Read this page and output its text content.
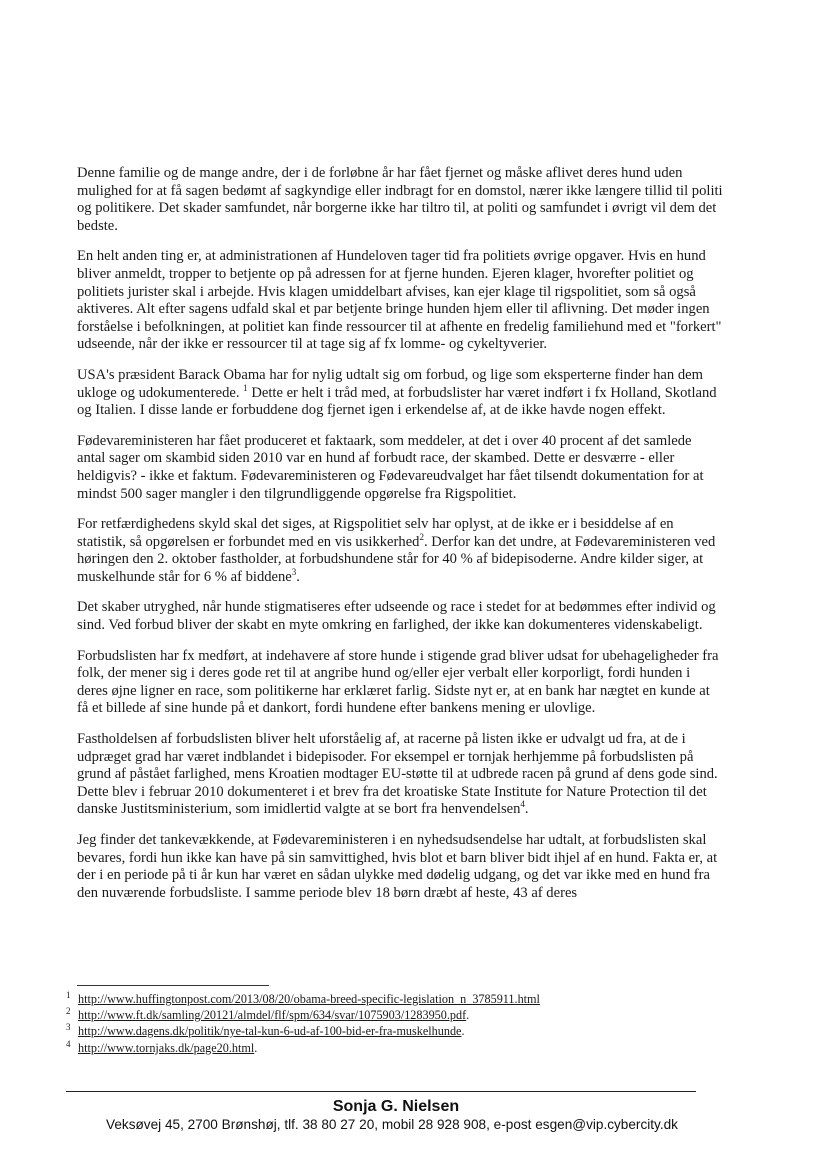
Denne familie og de mange andre, der i de forløbne år har fået fjernet og måske aflivet deres hund uden mulighed for at få sagen bedømt af sagkyndige eller indbragt for en domstol, nærer ikke længere tillid til politi og politikere. Det skader samfundet, når borgerne ikke har tiltro til, at politi og samfundet i øvrigt vil dem det bedste.

En helt anden ting er, at administrationen af Hundeloven tager tid fra politiets øvrige opgaver. Hvis en hund bliver anmeldt, tropper to betjente op på adressen for at fjerne hunden. Ejeren klager, hvorefter politiet og politiets jurister skal i arbejde. Hvis klagen umiddelbart afvises, kan ejer klage til rigspolitiet, som så også aktiveres. Alt efter sagens udfald skal et par betjente bringe hunden hjem eller til aflivning. Det møder ingen forståelse i befolkningen, at politiet kan finde ressourcer til at afhente en fredelig familiehund med et "forkert" udseende, når der ikke er ressourcer til at tage sig af fx lomme- og cykeltyverier.

USA's præsident Barack Obama har for nylig udtalt sig om forbud, og lige som eksperterne finder han dem ukloge og udokumenterede. $^1$ Dette er helt i tråd med, at forbudslister har været indført i fx Holland, Skotland og Italien. I disse lande er forbuddene dog fjernet igen i erkendelse af, at de ikke havde nogen effekt.

Fødevareministeren har fået produceret et faktaark, som meddeler, at det i over 40 procent af det samlede antal sager om skambid siden 2010 var en hund af forbudt race, der skambed. Dette er desværre - eller heldigvis? - ikke et faktum. Fødevareministeren og Fødevareudvalget har fået tilsendt dokumentation for at mindst 500 sager mangler i den tilgrundliggende opgørelse fra Rigspolitiet.

For retfærdighedens skyld skal det siges, at Rigspolitiet selv har oplyst, at de ikke er i besiddelse af en statistik, så opgørelsen er forbundet med en vis usikkerhed$^2$. Derfor kan det undre, at Fødevareministeren ved høringen den 2. oktober fastholder, at forbudshundene står for 40 % af bidepisoderne. Andre kilder siger, at muskelhunde står for 6 % af biddene$^3$.

Det skaber utryghed, når hunde stigmatiseres efter udseende og race i stedet for at bedømmes efter individ og sind. Ved forbud bliver der skabt en myte omkring en farlighed, der ikke kan dokumenteres videnskabeligt.

Forbudslisten har fx medført, at indehavere af store hunde i stigende grad bliver udsat for ubehageligheder fra folk, der mener sig i deres gode ret til at angribe hund og/eller ejer verbalt eller korporligt, fordi hunden i deres øjne ligner en race, som politikerne har erklæret farlig. Sidste nyt er, at en bank har nægtet en kunde at få et billede af sine hunde på et dankort, fordi hundene efter bankens mening er ulovlige.

Fastholdelsen af forbudslisten bliver helt uforståelig af, at racerne på listen ikke er udvalgt ud fra, at de i udpræget grad har været indblandet i bidepisoder. For eksempel er tornjak herhjemme på forbudslisten på grund af påstået farlighed, mens Kroatien modtager EU-støtte til at udbrede racen på grund af dens gode sind. Dette blev i februar 2010 dokumenteret i et brev fra det kroatiske State Institute for Nature Protection til det danske Justitsministerium, som imidlertid valgte at se bort fra henvendelsen$^4$.

Jeg finder det tankevækkende, at Fødevareministeren i en nyhedsudsendelse har udtalt, at forbudslisten skal bevares, fordi hun ikke kan have på sin samvittighed, hvis blot et barn bliver bidt ihjel af en hund. Fakta er, at der i en periode på ti år kun har været en sådan ulykke med dødelig udgang, og det var ikke med en hund fra den nuværende forbudsliste. I samme periode blev 18 børn dræbt af heste, 43 af deres

1 http://www.huffingtonpost.com/2013/08/20/obama-breed-specific-legislation_n_3785911.html
2 http://www.ft.dk/samling/20121/almdel/flf/spm/634/svar/1075903/1283950.pdf.
3 http://www.dagens.dk/politik/nye-tal-kun-6-ud-af-100-bid-er-fra-muskelhunde.
4 http://www.tornjaks.dk/page20.html.
Sonja G. Nielsen
Veksøvej 45, 2700 Brønshøj, tlf. 38 80 27 20, mobil 28 928 908, e-post esgen@vip.cybercity.dk
